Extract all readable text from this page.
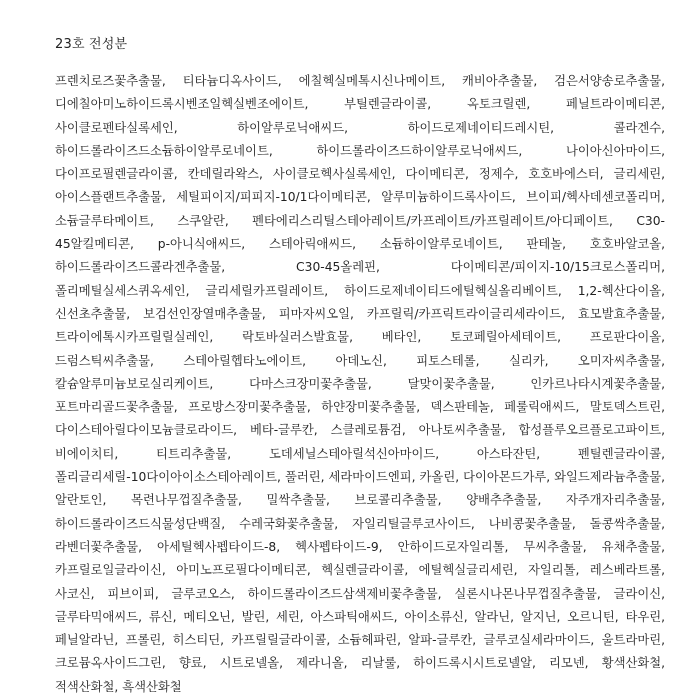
23호 전성분

프렌치로즈꽃추출물, 티타늄디옥사이드, 에칠헥실메톡시신나메이트, 캐비아추출물, 검은서양송로추출물, 디에칠아미노하이드록시벤조일헥실벤조에이트, 부틸렌글라이콜, 옥토크릴렌, 페닐트라이메티콘, 사이클로펜타실록세인, 하이알루로닉애씨드, 하이드로제네이티드레시틴, 콜라겐수, 하이드롤라이즈드소듐하이알루로네이트, 하이드롤라이즈드하이알루로닉애씨드, 나이아신아마이드, 다이프로필렌글라이콜, 칸데릴라왁스, 사이클로헥사실록세인, 다이메티콘, 정제수, 호호바에스터, 글리세린, 아이스플랜트추출물, 세틸피이지/피피지-10/1다이메티콘, 알루미늄하이드록사이드, 브이피/헥사데센코폴리머, 소듐글루타메이트, 스쿠알란, 펜타에리스리틸스테아레이트/카프레이트/카프릴레이트/아디페이트, C30-45알킬메티콘, p-아니식애씨드, 스테아릭애씨드, 소듐하이알루로네이트, 판테놀, 호호바알코올, 하이드롤라이즈드콜라겐추출물, C30-45올레핀, 다이메티콘/피이지-10/15크로스폴리머, 폴리메틸실세스퀴옥세인, 글리세릴카프릴레이트, 하이드로제네이티드에틸헥실올리베이트, 1,2-헥산다이올, 신선초추출물, 보검선인장열매추출물, 피마자씨오일, 카프릴릭/카프릭트라이글리세라이드, 효모발효추출물, 트라이에톡시카프릴릴실레인, 락토바실러스발효물, 베타인, 토코페릴아세테이트, 프로판다이올, 드럼스틱씨추출물, 스테아릴헵타노에이트, 아데노신, 피토스테롤, 실리카, 오미자씨추출물, 칼슘알루미늄보로실리케이트, 다마스크장미꽃추출물, 달맞이꽃추출물, 인카르나타시계꽃추출물, 포트마리골드꽃추출물, 프로방스장미꽃추출물, 하얀장미꽃추출물, 덱스판테놀, 페룰릭애씨드, 말토덱스트린, 다이스테아릴다이모늄클로라이드, 베타-글루칸, 스클레로튬검, 아나토씨추출물, 합성플루오르플로고파이트, 비에이치티, 티트리추출물, 도데세닐스테아릴석신아마이드, 아스타잔틴, 펜틸렌글라이콜, 폴리글리세릴-10다이아이소스테아레이트, 풀러린, 세라마이드엔피, 카올린, 다이아몬드가루, 와일드제라늄추출물, 알란토인, 목련나무껍질추출물, 밀싹추출물, 브로콜리추출물, 양배추추출물, 자주개자리추출물, 하이드롤라이즈드식물성단백질, 수레국화꽃추출물, 자일리틸글루코사이드, 나비콩꽃추출물, 돌콩싹추출물, 라벤더꽃추출물, 아세틸헥사펩타이드-8, 헥사펩타이드-9, 안하이드로자일리톨, 무씨추출물, 유채추출물, 카프릴로일글라이신, 아미노프로필다이메티콘, 헥실렌글라이콜, 에틸헥실글리세린, 자일리톨, 레스베라트롤, 사코신, 피브이피, 글루코오스, 하이드롤라이즈드삼색제비꽃추출물, 실론시나몬나무껍질추출물, 글라이신, 글루타믹애씨드, 류신, 메티오닌, 발린, 세린, 아스파틱애씨드, 아이소류신, 알라닌, 알지닌, 오르니틴, 타우린, 페닐알라닌, 프롤린, 히스티딘, 카프릴릴글라이콜, 소듐헤파린, 알파-글루칸, 글루코실세라마이드, 울트라마린, 크로뮴옥사이드그린, 향료, 시트로넬올, 제라니올, 리날룰, 하이드록시시트로넬알, 리모넨, 황색산화철, 적색산화철, 흑색산화철
